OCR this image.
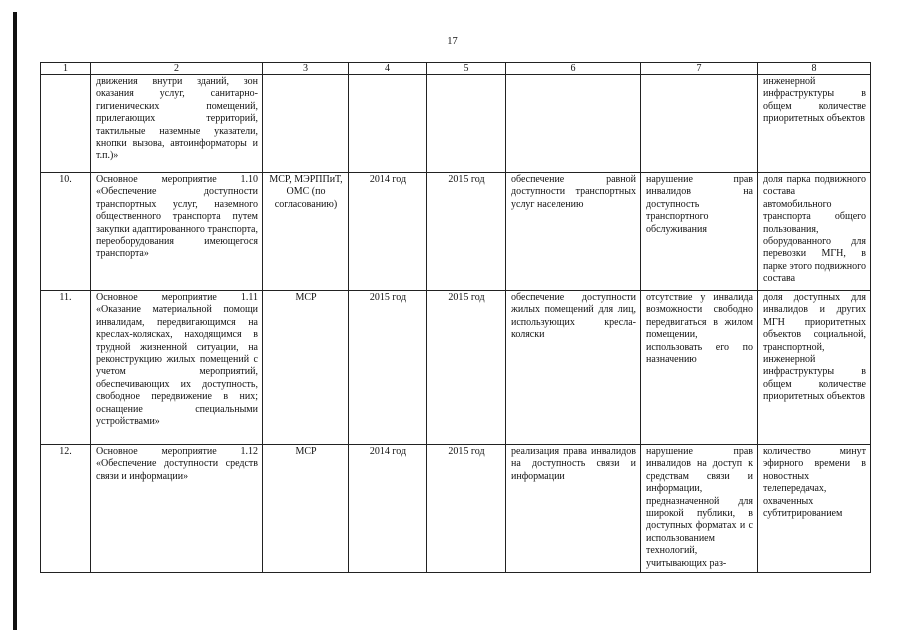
17
1	2	3	4	5	6	7	8
	движения внутри зданий, зон оказания услуг, санитарно-гигиенических помещений, прилегающих территорий, тактильные наземные указатели, кнопки вызова, автоинформаторы и т.п.)»						инженерной инфраструктуры в общем количестве приоритетных объектов
10.	Основное мероприятие 1.10 «Обеспечение доступности транспортных услуг, наземного общественного транспорта путем закупки адаптированного транспорта, переоборудования имеющегося транспорта»	МСР, МЭРППиТ, ОМС (по согласованию)	2014 год	2015 год	обеспечение равной доступности транспортных услуг населению	нарушение прав инвалидов на доступность транспортного обслуживания	доля парка подвижного состава автомобильного транспорта общего пользования, оборудованного для перевозки МГН, в парке этого подвижного состава
11.	Основное мероприятие 1.11 «Оказание материальной помощи инвалидам, передвигающимся на креслах-колясках, находящимся в трудной жизненной ситуации, на реконструкцию жилых помещений с учетом мероприятий, обеспечивающих их доступность, свободное передвижение в них; оснащение специальными устройствами»	МСР	2015 год	2015 год	обеспечение доступности жилых помещений для лиц, использующих кресла-коляски	отсутствие у инвалида возможности свободно передвигаться в жилом помещении, использовать его по назначению	доля доступных для инвалидов и других МГН приоритетных объектов социальной, транспортной, инженерной инфраструктуры в общем количестве приоритетных объектов
12.	Основное мероприятие 1.12 «Обеспечение доступности средств связи и информации»	МСР	2014 год	2015 год	реализация права инвалидов на доступность связи и информации	нарушение прав инвалидов на доступ к средствам связи и информации, предназначенной для широкой публики, в доступных форматах и с использованием технологий, учитывающих раз-	количество минут эфирного времени в новостных телепередачах, охваченных субтитрированием
